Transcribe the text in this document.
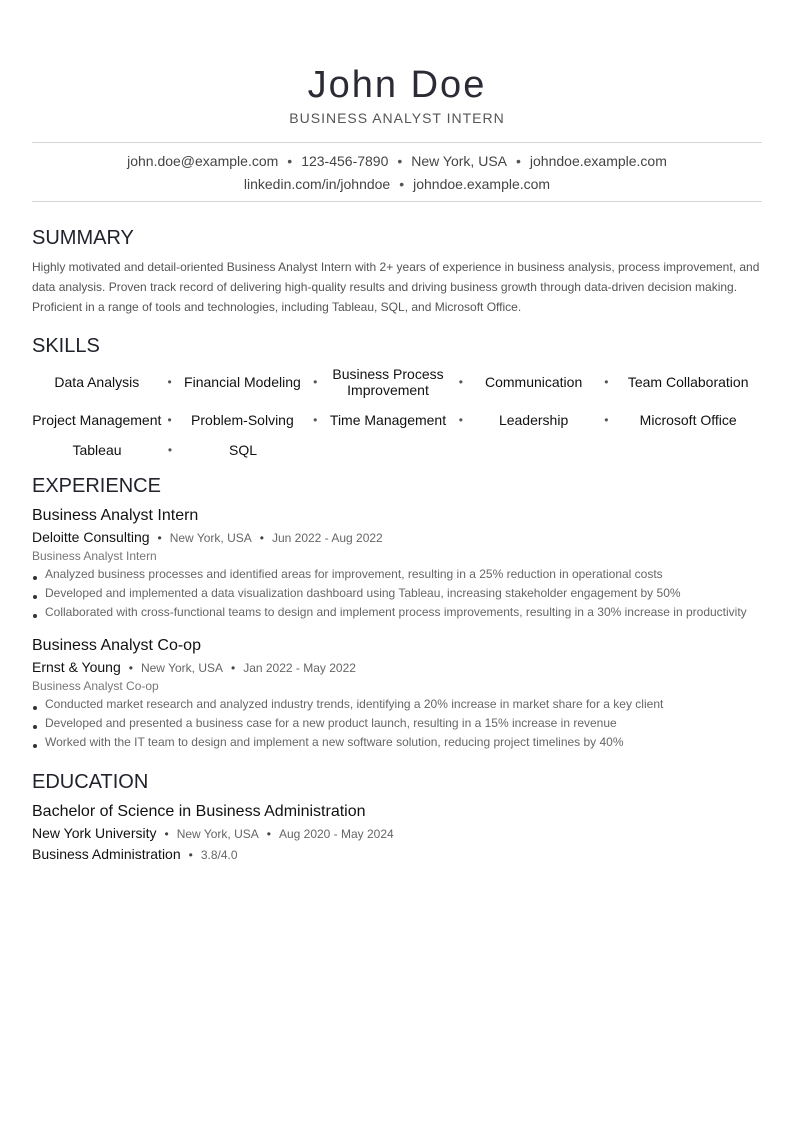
John Doe
BUSINESS ANALYST INTERN
john.doe@example.com • 123-456-7890 • New York, USA • johndoe.example.com
linkedin.com/in/johndoe • johndoe.example.com
SUMMARY
Highly motivated and detail-oriented Business Analyst Intern with 2+ years of experience in business analysis, process improvement, and data analysis. Proven track record of delivering high-quality results and driving business growth through data-driven decision making. Proficient in a range of tools and technologies, including Tableau, SQL, and Microsoft Office.
SKILLS
Data Analysis	• Financial Modeling	•	Business Process Improvement	•	Communication	•	Team Collaboration
Project Management •	Problem-Solving	• Time Management	•	Leadership	•	Microsoft Office
Tableau	•	SQL
EXPERIENCE
Business Analyst Intern
Deloitte Consulting • New York, USA • Jun 2022 - Aug 2022
Business Analyst Intern
Analyzed business processes and identified areas for improvement, resulting in a 25% reduction in operational costs
Developed and implemented a data visualization dashboard using Tableau, increasing stakeholder engagement by 50%
Collaborated with cross-functional teams to design and implement process improvements, resulting in a 30% increase in productivity
Business Analyst Co-op
Ernst & Young • New York, USA • Jan 2022 - May 2022
Business Analyst Co-op
Conducted market research and analyzed industry trends, identifying a 20% increase in market share for a key client
Developed and presented a business case for a new product launch, resulting in a 15% increase in revenue
Worked with the IT team to design and implement a new software solution, reducing project timelines by 40%
EDUCATION
Bachelor of Science in Business Administration
New York University • New York, USA • Aug 2020 - May 2024
Business Administration • 3.8/4.0
